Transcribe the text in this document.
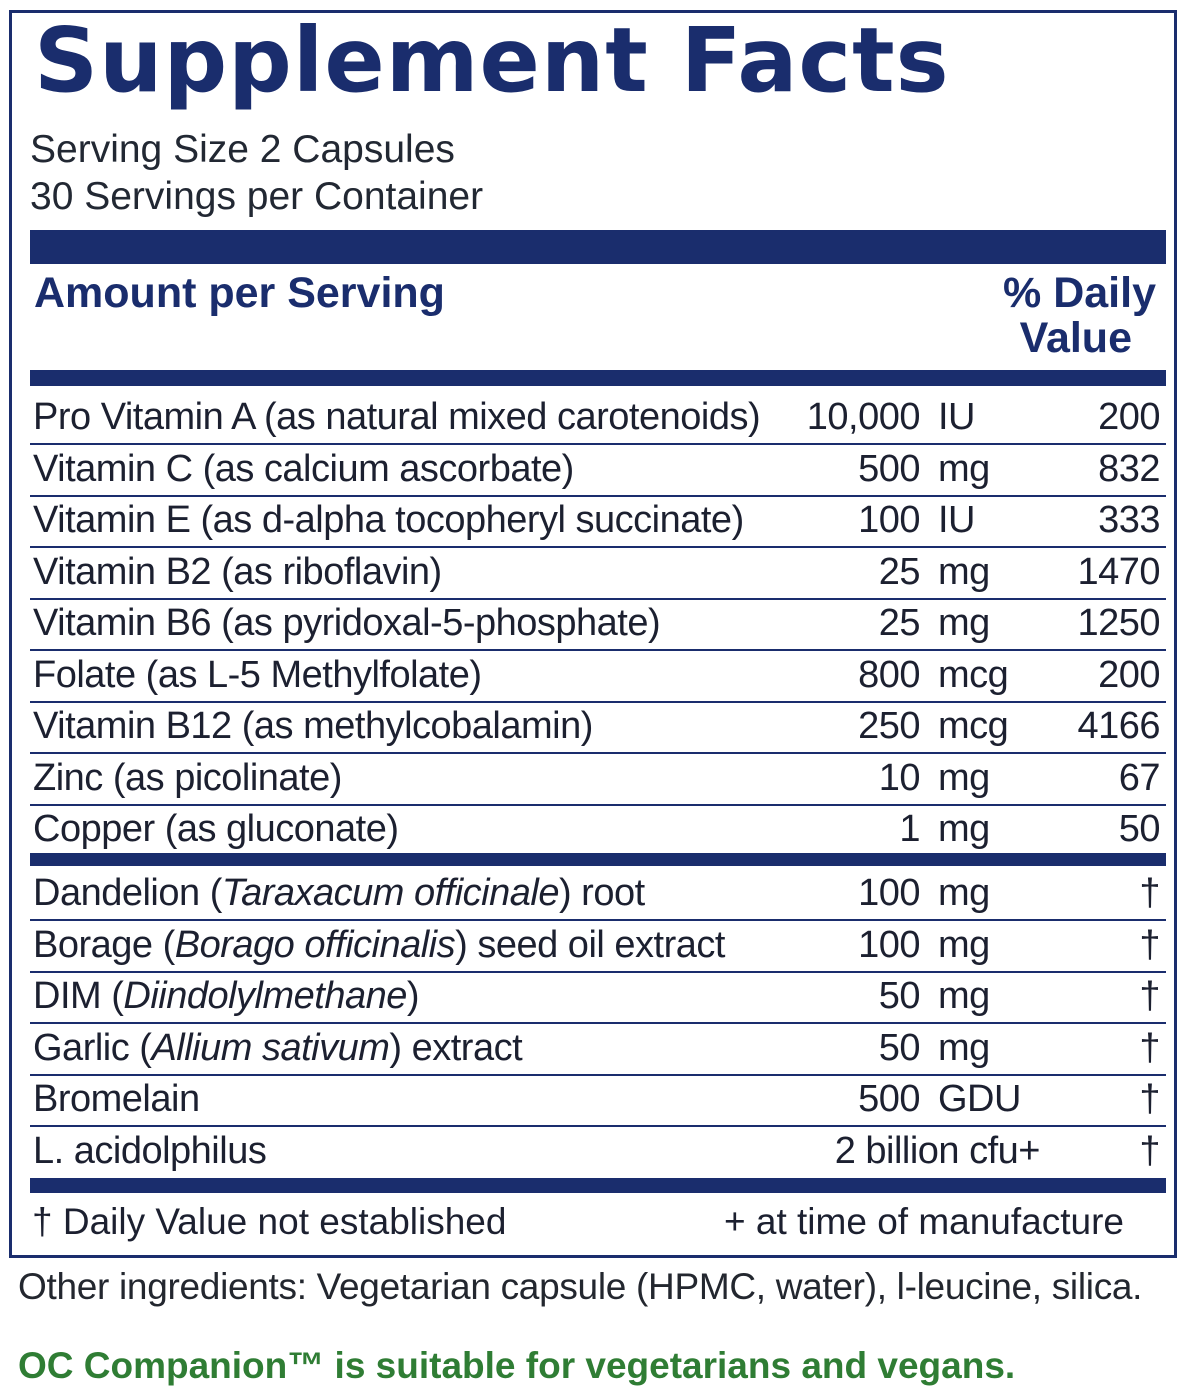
Supplement Facts
Serving Size 2 Capsules
30 Servings per Container
Amount per Serving	% Daily
Value
Pro Vitamin A (as natural mixed carotenoids) 10,000 IU	200
Vitamin C (as calcium ascorbate)	500 mg	832
Vitamin E (as d-alpha tocopheryl succinate)	100 IU	333
Vitamin B2 (as riboflavin)	25 mg 1470
Vitamin B6 (as pyridoxal-5-phosphate)	25 mg 1250
Folate (as L-5 Methylfolate)	800 mcg 200
Vitamin B12 (as methylcobalamin)	250 mcg 4166
Zinc (as picolinate)	10 mg	67
Copper (as gluconate)	1 mg	50
Dandelion (Taraxacum officinale) root	100 mg	†
Borage (Borago officinalis) seed oil extract	100 mg	†
DIM (Diindolylmethane)	50 mg	†
Garlic (Allium sativum) extract	50 mg	†
Bromelain	500 GDU	†
L. acidolphilus	2 billion cfu+	†
† Daily Value not established	+ at time of manufacture
Other ingredients: Vegetarian capsule (HPMC, water), l-leucine, silica.
OC Companion™ is suitable for vegetarians and vegans.
